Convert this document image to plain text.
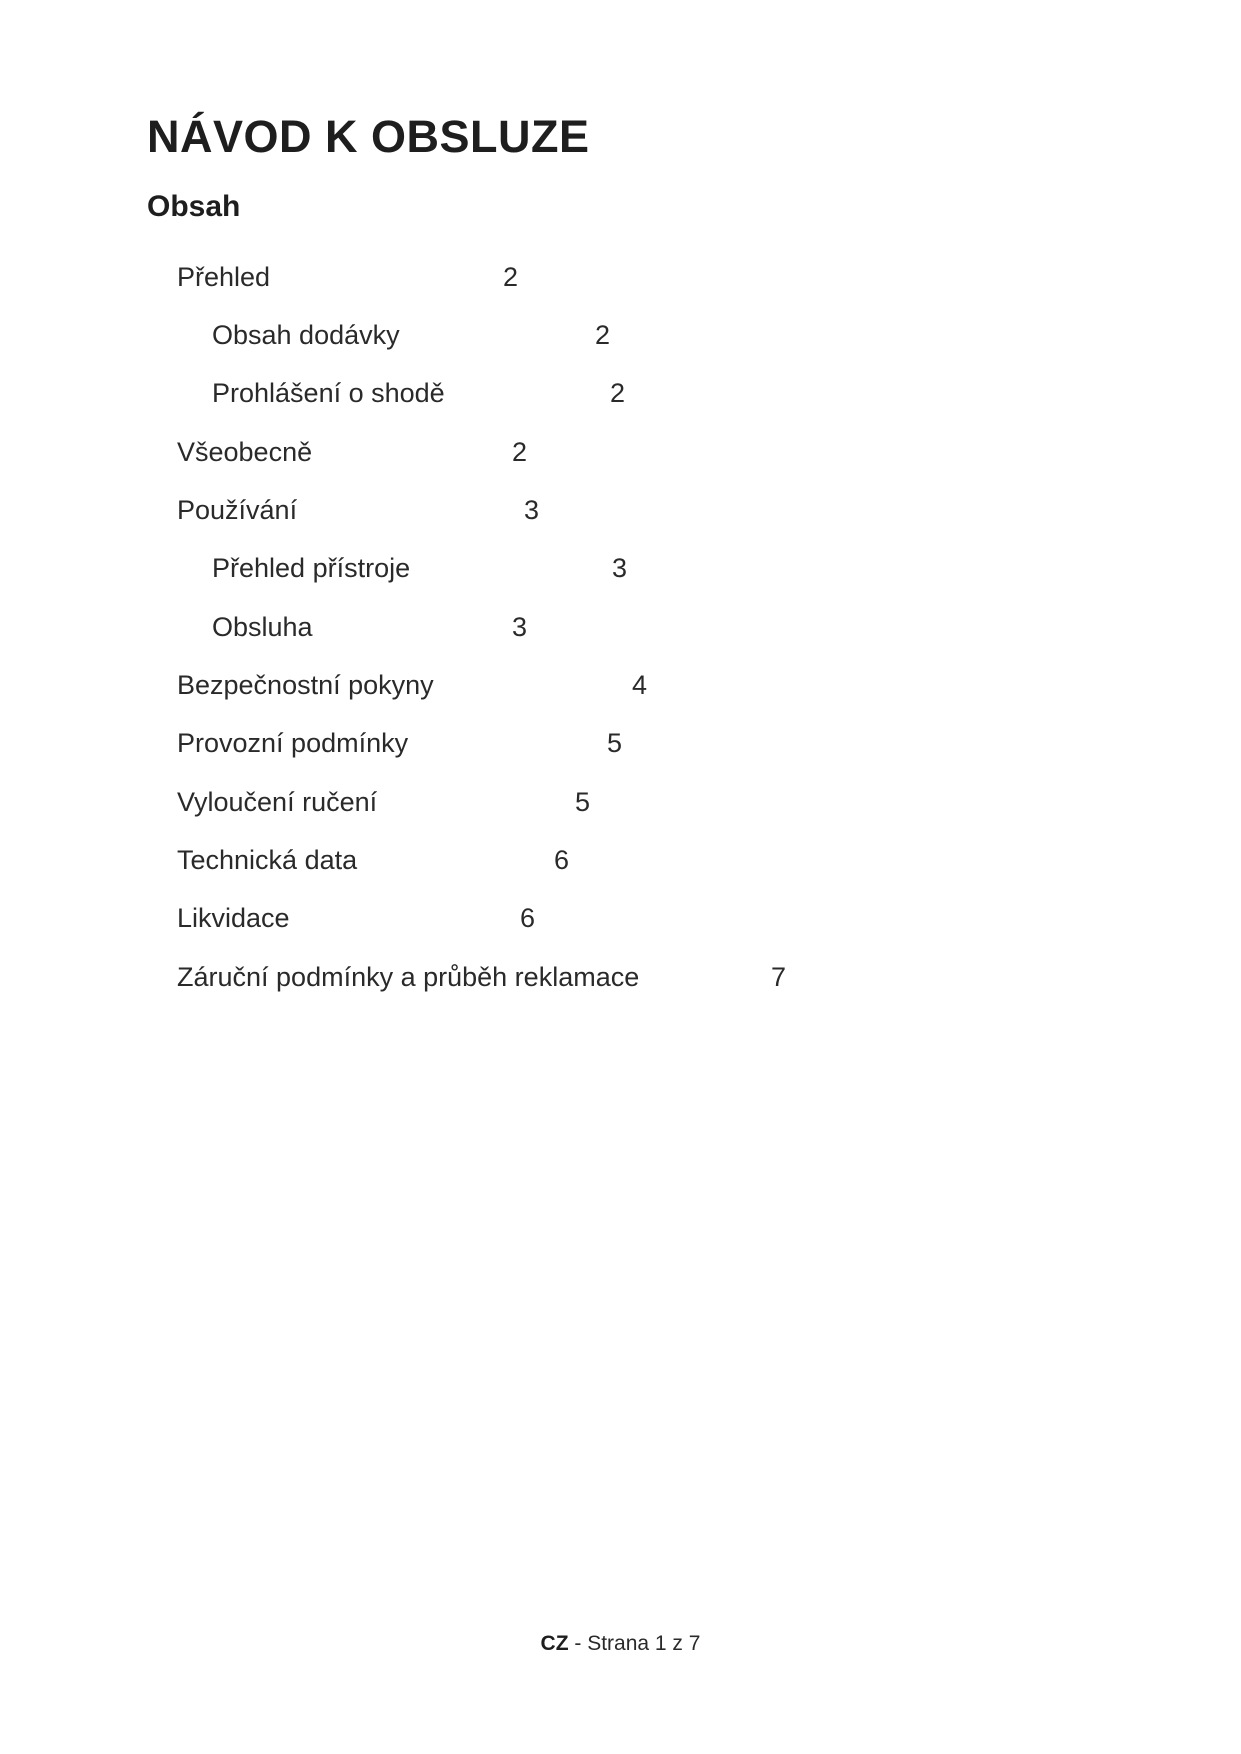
NÁVOD K OBSLUZE
Obsah
Přehled	2
Obsah dodávky	2
Prohlášení o shodě	2
Všeobecně	2
Používání	3
Přehled přístroje	3
Obsluha	3
Bezpečnostní pokyny	4
Provozní podmínky	5
Vyloučení ručení	5
Technická data	6
Likvidace	6
Záruční podmínky a průběh reklamace	7
CZ - Strana 1 z 7
